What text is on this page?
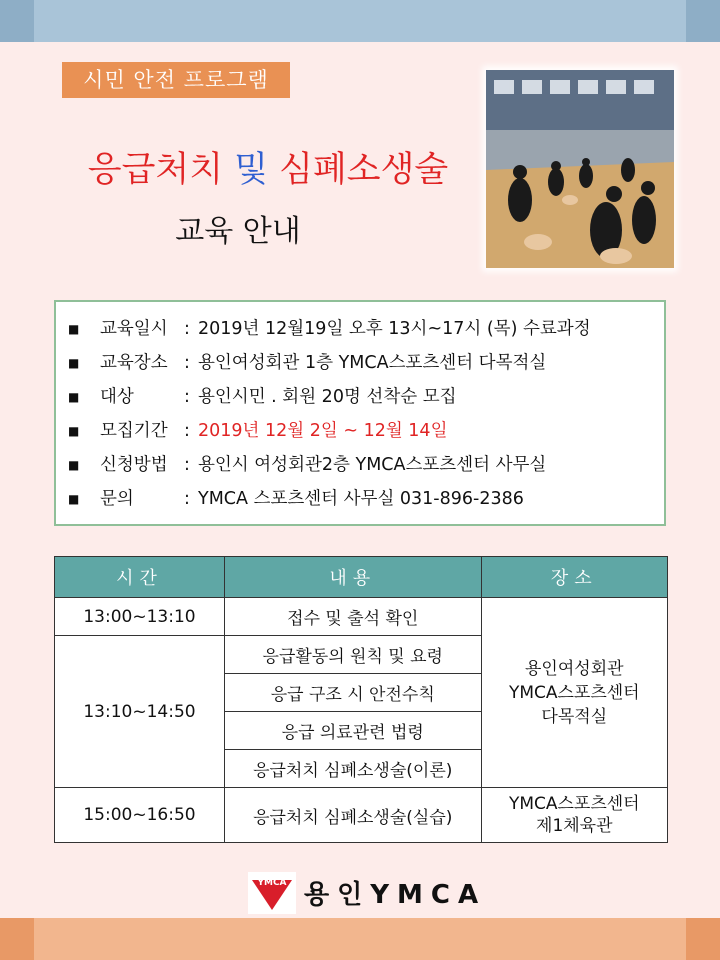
시민 안전 프로그램
응급처치 및 심폐소생술
교육 안내
■ 교육일시 : 2019년 12월19일 오후 13시~17시 (목) 수료과정
■ 교육장소 : 용인여성회관 1층 YMCA스포츠센터 다목적실
■ 대상	: 용인시민 . 회원 20명 선착순 모집
■ 모집기간 : 2019년 12월 2일 ~ 12월 14일
■ 신청방법 : 용인시 여성회관2층 YMCA스포츠센터 사무실
■ 문의	: YMCA 스포츠센터 사무실 031-896-2386
시간	내용	장소
13:00~13:10	접수 및 출석 확인	용인여성회관
YMCA스포츠센터
다목적실

13:10~14:50	응급활동의 원칙 및 요령	
	응급 구조 시 안전수칙	
	응급 의료관련 법령	
	응급처치 심폐소생술(이론)	
15:00~16:50	응급처치 심폐소생술(실습)	YMCA스포츠센터
제1체육관
YMCA 용인YMCA
